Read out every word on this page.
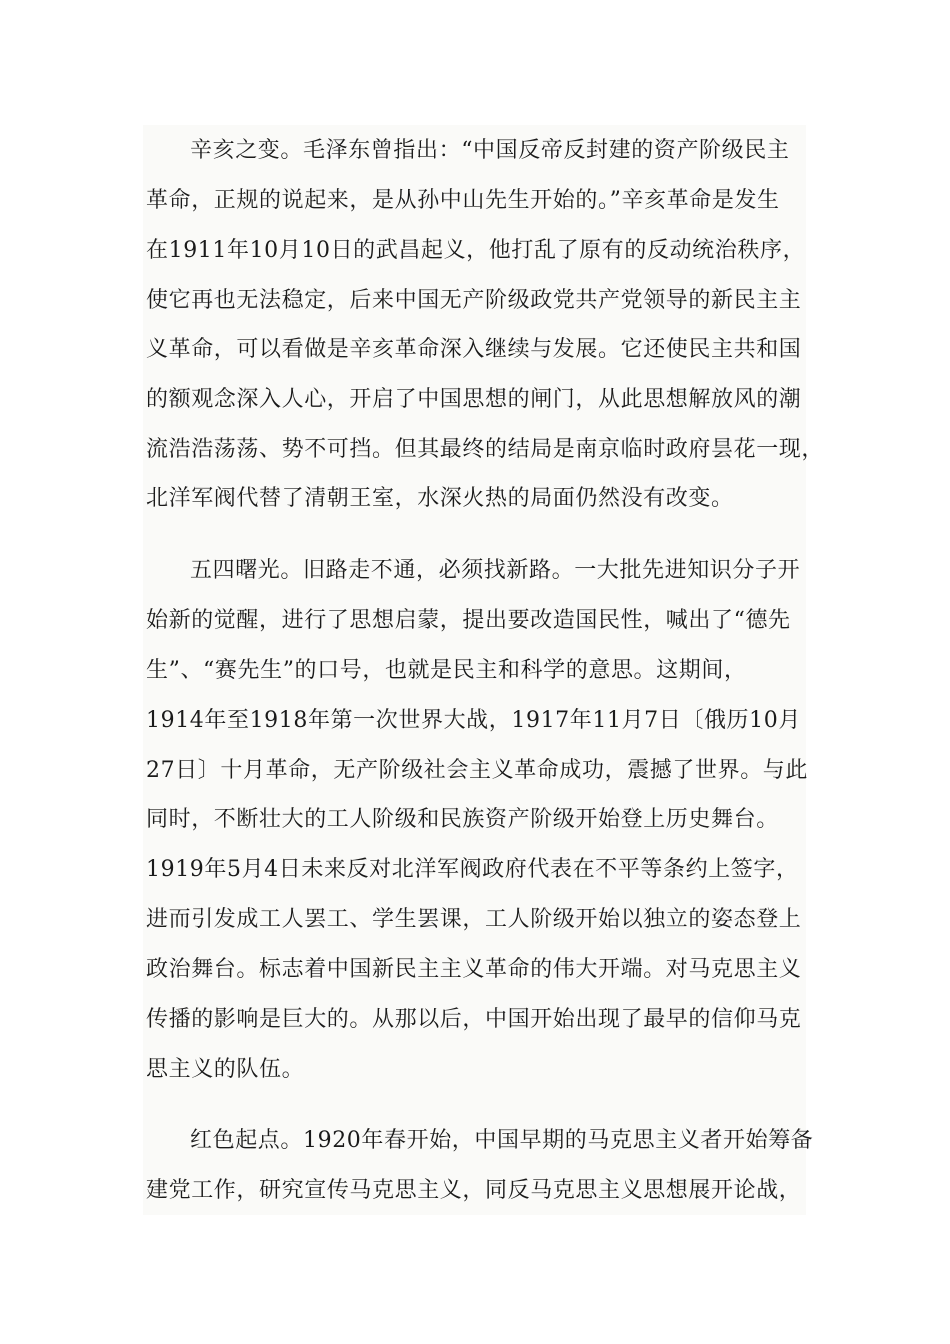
辛亥之变。毛泽东曾指出：“中国反帝反封建的资产阶级民主
革命，正规的说起来，是从孙中山先生开始的。”辛亥革命是发生
在1911年10月10日的武昌起义，他打乱了原有的反动统治秩序，
使它再也无法稳定，后来中国无产阶级政党共产党领导的新民主主
义革命，可以看做是辛亥革命深入继续与发展。它还使民主共和国
的额观念深入人心，开启了中国思想的闸门，从此思想解放风的潮
流浩浩荡荡、势不可挡。但其最终的结局是南京临时政府昙花一现，
北洋军阀代替了清朝王室，水深火热的局面仍然没有改变。
五四曙光。旧路走不通，必须找新路。一大批先进知识分子开
始新的觉醒，进行了思想启蒙，提出要改造国民性，喊出了“德先
生”、“赛先生”的口号，也就是民主和科学的意思。这期间，
1914年至1918年第一次世界大战，1917年11月7日〔俄历10月
27日〕十月革命，无产阶级社会主义革命成功，震撼了世界。与此
同时，不断壮大的工人阶级和民族资产阶级开始登上历史舞台。
1919年5月4日未来反对北洋军阀政府代表在不平等条约上签字，
进而引发成工人罢工、学生罢课，工人阶级开始以独立的姿态登上
政治舞台。标志着中国新民主主义革命的伟大开端。对马克思主义
传播的影响是巨大的。从那以后，中国开始出现了最早的信仰马克
思主义的队伍。
红色起点。1920年春开始，中国早期的马克思主义者开始筹备
建党工作，研究宣传马克思主义，同反马克思主义思想展开论战，
